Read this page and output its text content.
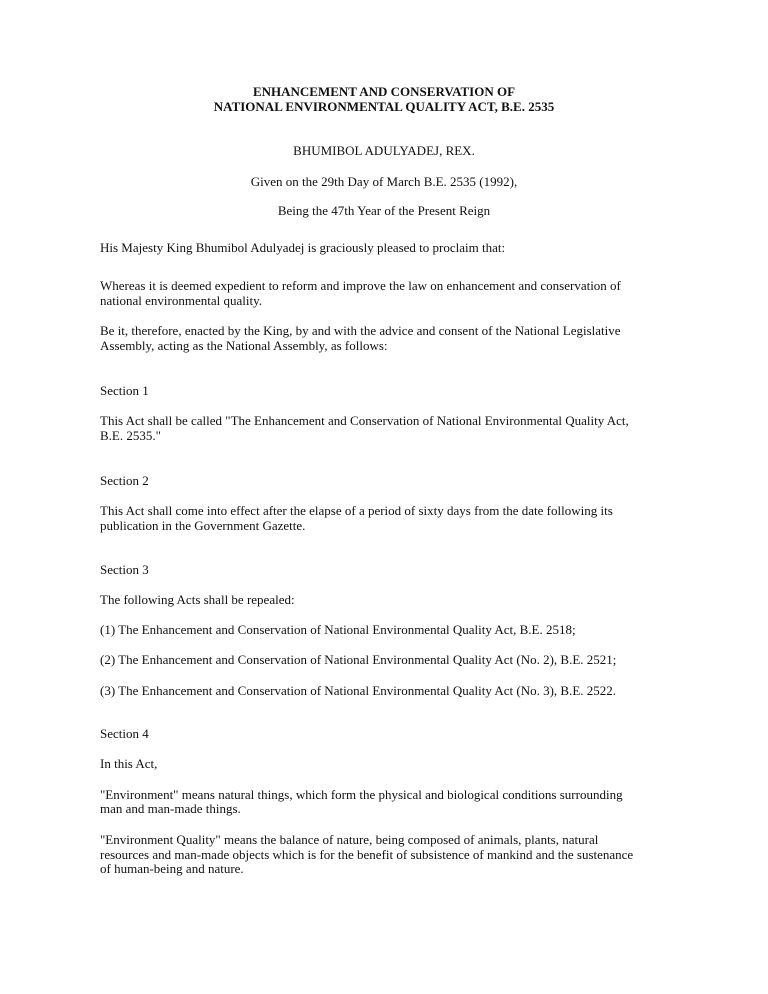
ENHANCEMENT AND CONSERVATION OF
NATIONAL ENVIRONMENTAL QUALITY ACT, B.E. 2535
BHUMIBOL ADULYADEJ, REX.
Given on the 29th Day of March B.E. 2535 (1992),
Being the 47th Year of the Present Reign
His Majesty King Bhumibol Adulyadej is graciously pleased to proclaim that:
Whereas it is deemed expedient to reform and improve the law on enhancement and conservation of
national environmental quality.
Be it, therefore, enacted by the King, by and with the advice and consent of the National Legislative
Assembly, acting as the National Assembly, as follows:
Section 1
This Act shall be called "The Enhancement and Conservation of National Environmental Quality Act,
B.E. 2535."
Section 2
This Act shall come into effect after the elapse of a period of sixty days from the date following its
publication in the Government Gazette.
Section 3
The following Acts shall be repealed:
(1) The Enhancement and Conservation of National Environmental Quality Act, B.E. 2518;
(2) The Enhancement and Conservation of National Environmental Quality Act (No. 2), B.E. 2521;
(3) The Enhancement and Conservation of National Environmental Quality Act (No. 3), B.E. 2522.
Section 4
In this Act,
"Environment" means natural things, which form the physical and biological conditions surrounding
man and man-made things.
"Environment Quality" means the balance of nature, being composed of animals, plants, natural
resources and man-made objects which is for the benefit of subsistence of mankind and the sustenance
of human-being and nature.
